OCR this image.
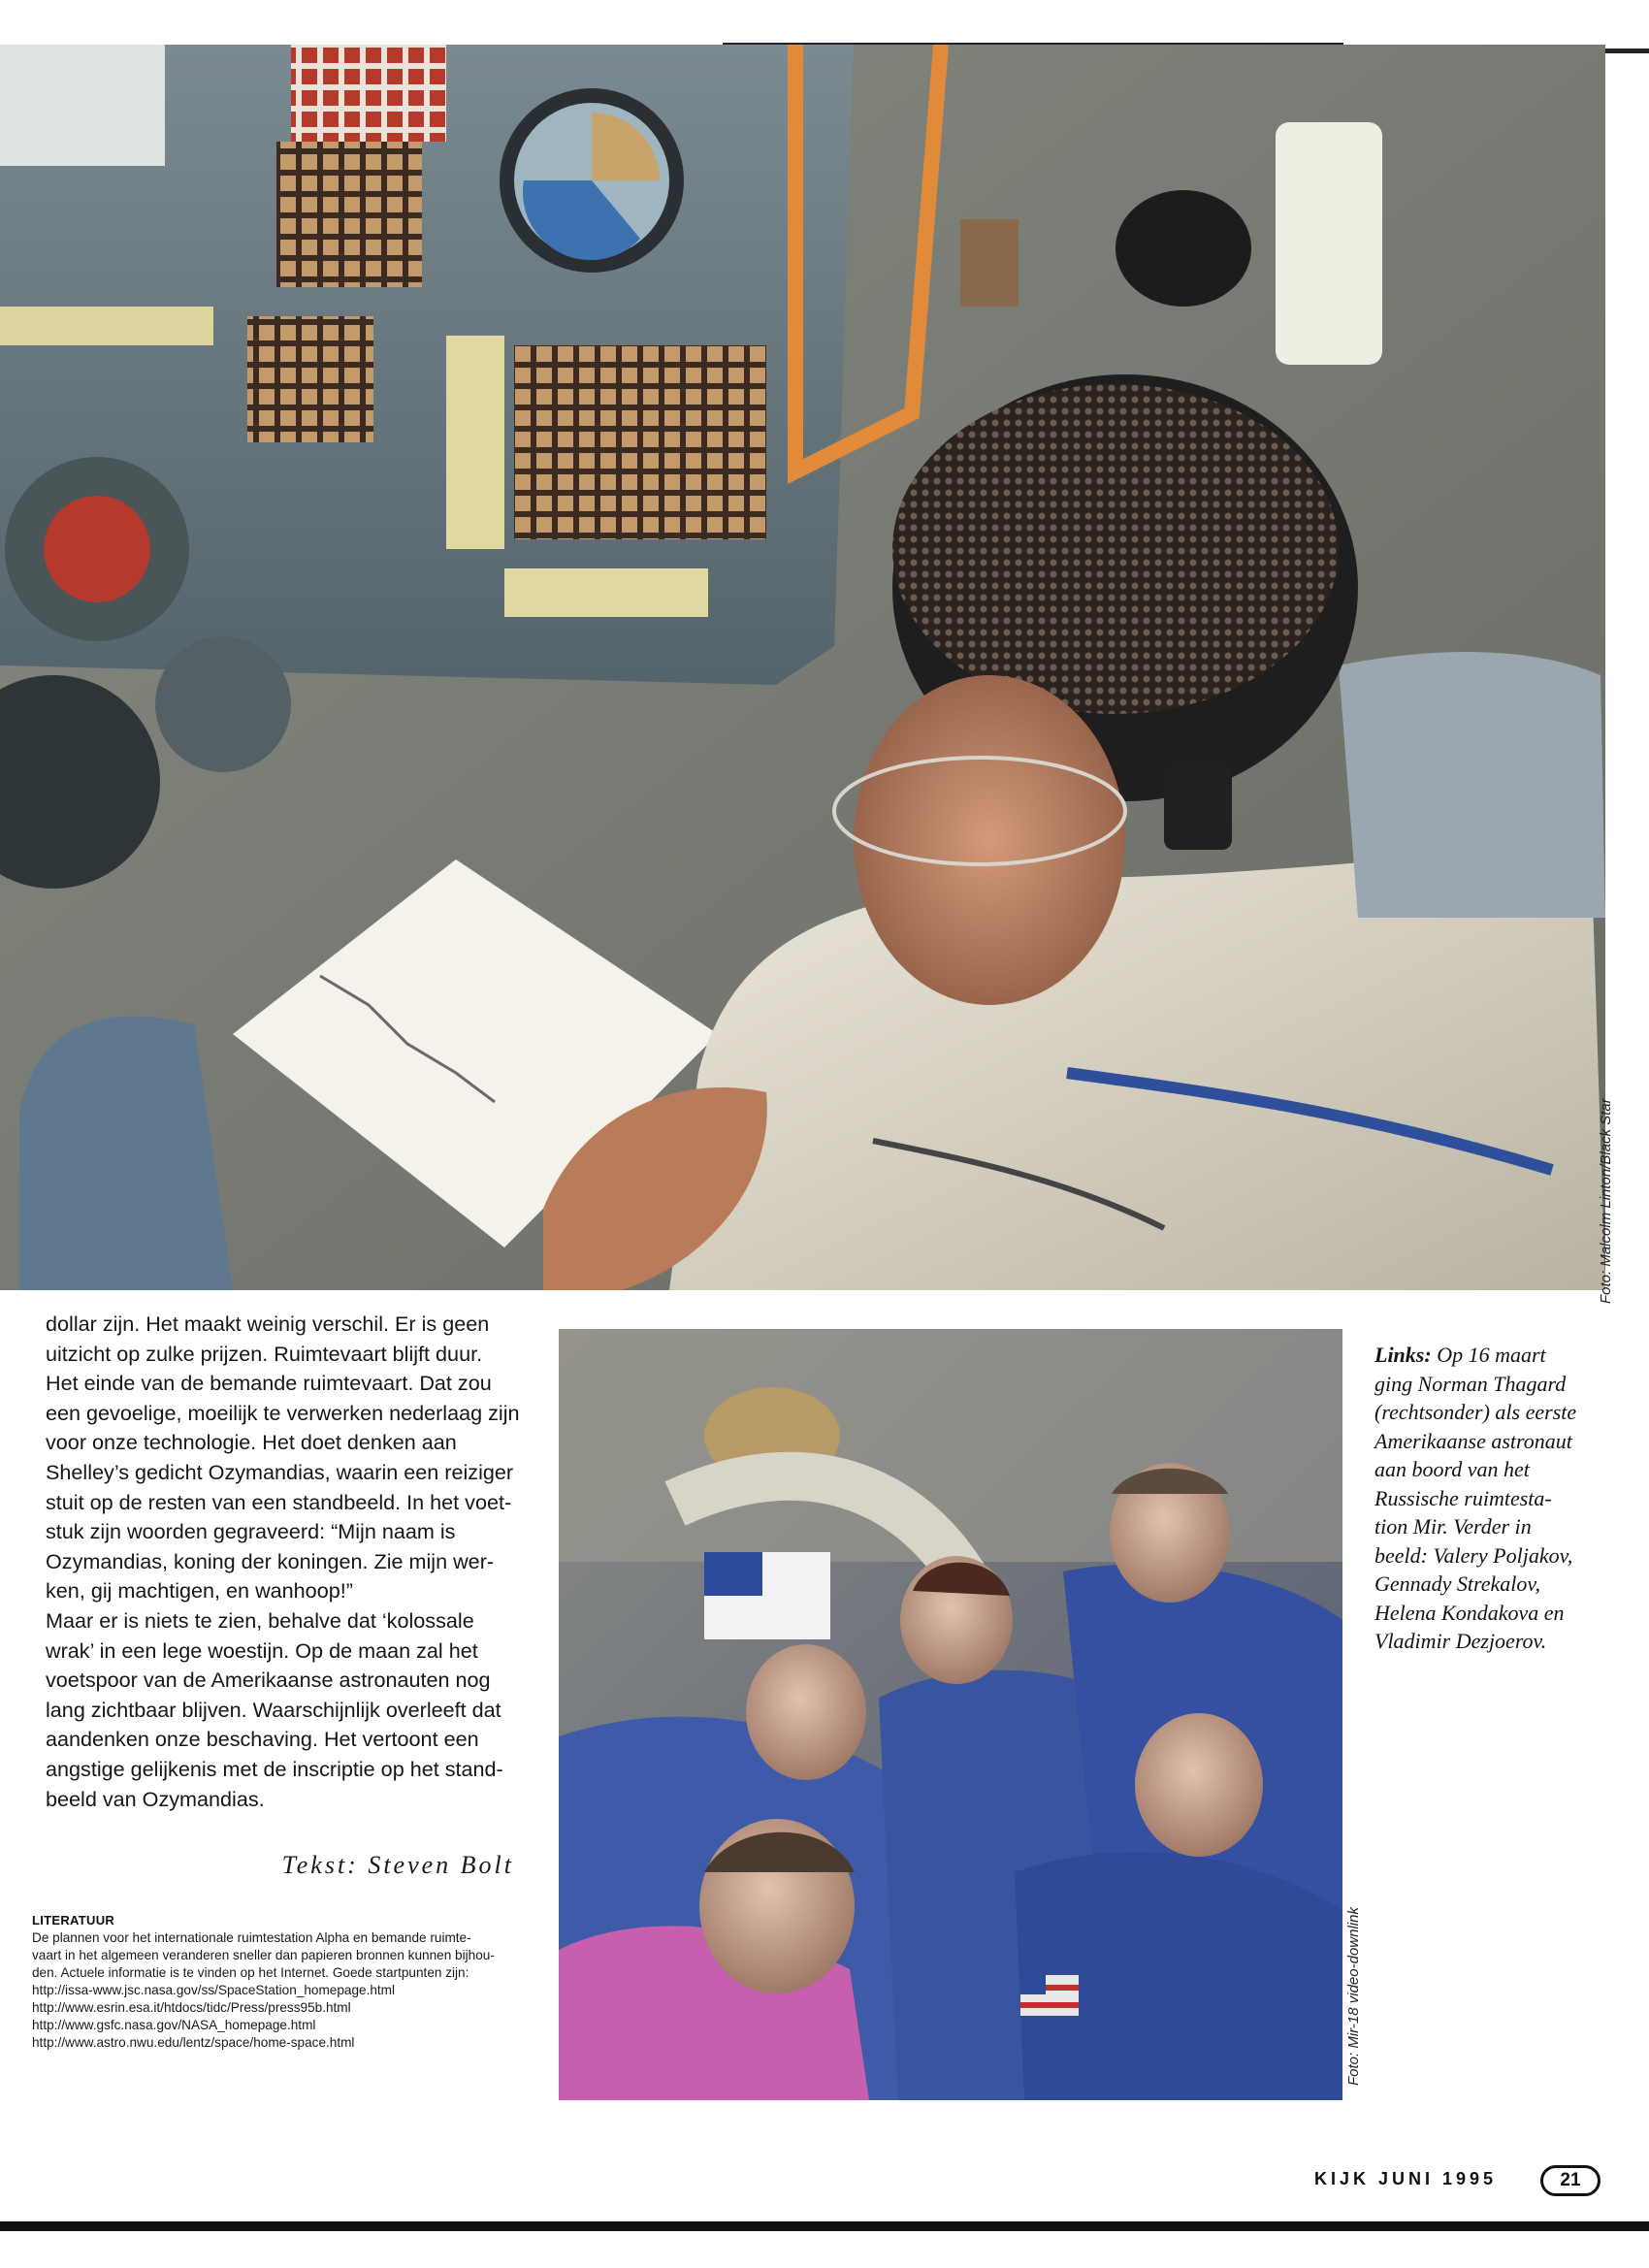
Foto: Malcolm Linton/Black Star
dollar zijn. Het maakt weinig verschil. Er is geen
uitzicht op zulke prijzen. Ruimtevaart blijft duur.
Het einde van de bemande ruimtevaart. Dat zou
een gevoelige, moeilijk te verwerken nederlaag zijn
voor onze technologie. Het doet denken aan
Shelley’s gedicht Ozymandias, waarin een reiziger
stuit op de resten van een standbeeld. In het voet-
stuk zijn woorden gegraveerd: “Mijn naam is
Ozymandias, koning der koningen. Zie mijn wer-
ken, gij machtigen, en wanhoop!”
Maar er is niets te zien, behalve dat ‘kolossale
wrak’ in een lege woestijn. Op de maan zal het
voetspoor van de Amerikaanse astronauten nog
lang zichtbaar blijven. Waarschijnlijk overleeft dat
aandenken onze beschaving. Het vertoont een
angstige gelijkenis met de inscriptie op het stand-
beeld van Ozymandias.
Tekst: Steven Bolt
LITERATUUR
De plannen voor het internationale ruimtestation Alpha en bemande ruimte-
vaart in het algemeen veranderen sneller dan papieren bronnen kunnen bijhou-
den. Actuele informatie is te vinden op het Internet. Goede startpunten zijn:
http://issa-www.jsc.nasa.gov/ss/SpaceStation_homepage.html
http://www.esrin.esa.it/htdocs/tidc/Press/press95b.html
http://www.gsfc.nasa.gov/NASA_homepage.html
http://www.astro.nwu.edu/lentz/space/home-space.html	Foto: Mir-18 video-downlink
Links: Op 16 maart
ging Norman Thagard
(rechtsonder) als eerste
Amerikaanse astronaut
aan boord van het
Russische ruimtesta-
tion Mir. Verder in
beeld: Valery Poljakov,
Gennady Strekalov,
Helena Kondakova en
Vladimir Dezjoerov.
KIJK JUNI 1995	21
